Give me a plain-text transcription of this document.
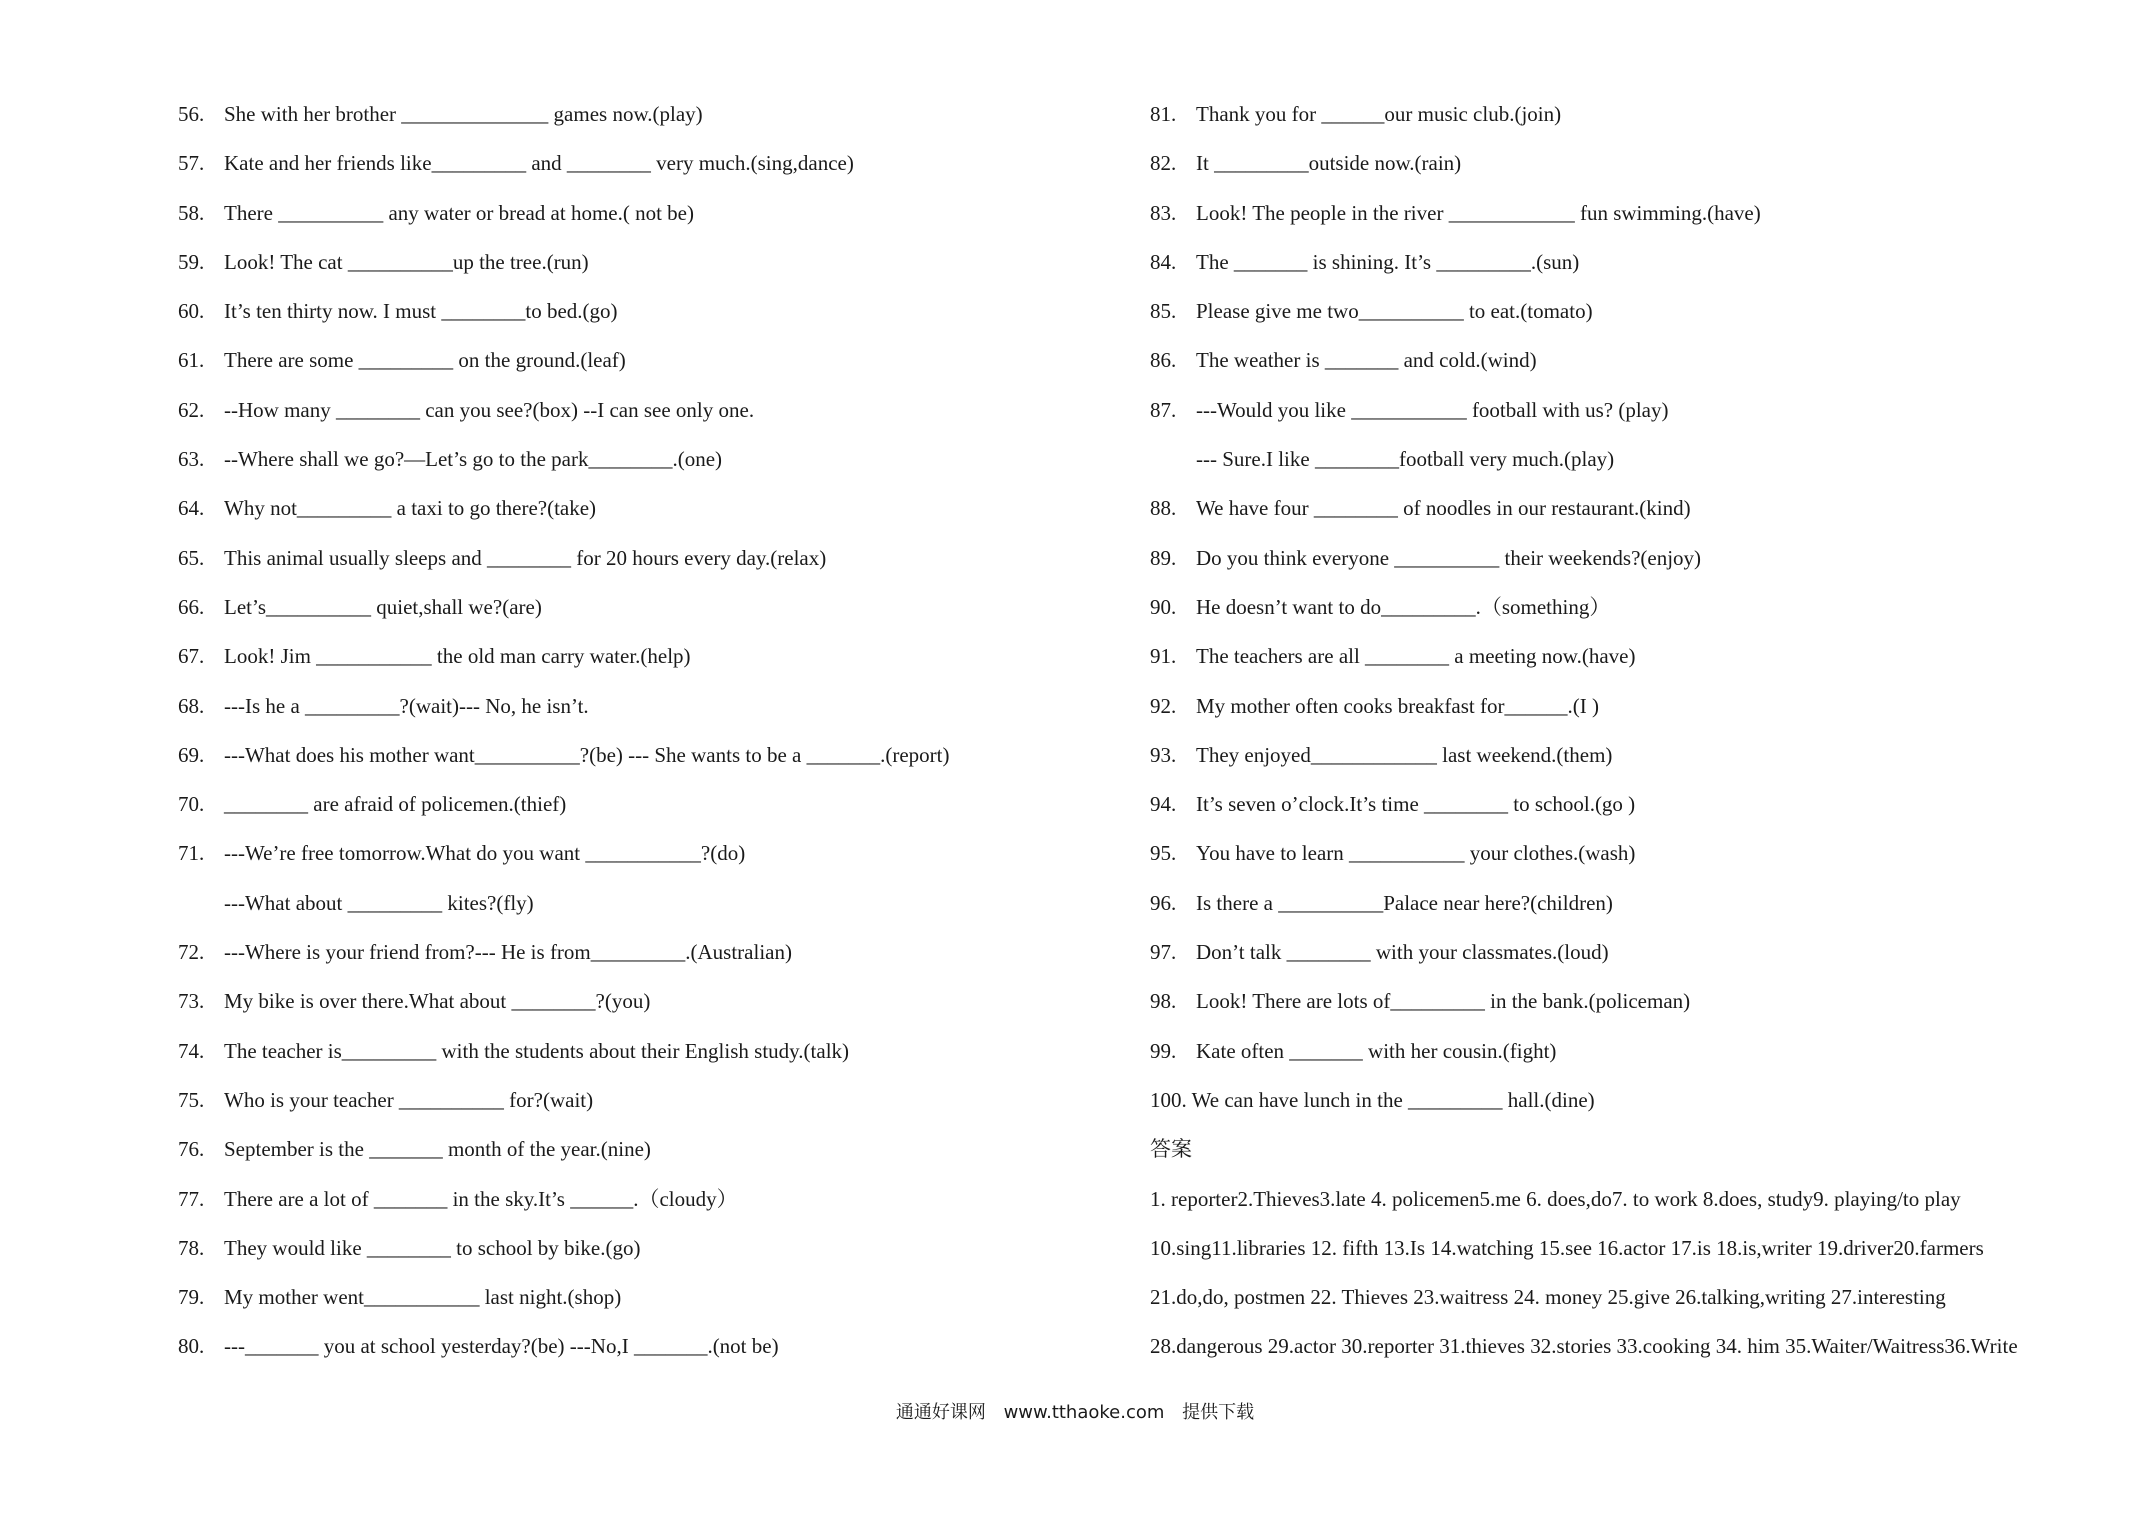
56. She with her brother ______________ games now.(play)
57. Kate and her friends like_________ and ________ very much.(sing,dance)
58. There __________ any water or bread at home.( not be)
59. Look! The cat __________up the tree.(run)
60. It’s ten thirty now. I must ________to bed.(go)
61. There are some _________ on the ground.(leaf)
62. --How many ________ can you see?(box) --I can see only one.
63. --Where shall we go?—Let’s go to the park________.(one)
64. Why not_________ a taxi to go there?(take)
65. This animal usually sleeps and ________ for 20 hours every day.(relax)
66. Let’s__________ quiet,shall we?(are)
67. Look! Jim ___________ the old man carry water.(help)
68. ---Is he a _________?(wait)--- No, he isn’t.
69. ---What does his mother want__________?(be) --- She wants to be a _______.(report)
70. ________ are afraid of policemen.(thief)
71. ---We’re free tomorrow.What do you want ___________?(do)
---What about _________ kites?(fly)
72. ---Where is your friend from?--- He is from_________.(Australian)
73. My bike is over there.What about ________?(you)
74. The teacher is_________ with the students about their English study.(talk)
75. Who is your teacher __________ for?(wait)
76. September is the _______ month of the year.(nine)
77. There are a lot of _______ in the sky.It’s ______.（cloudy）
78. They would like ________ to school by bike.(go)
79. My mother went___________ last night.(shop)
80. ---_______ you at school yesterday?(be) ---No,I _______.(not be)
81. Thank you for ______our music club.(join)
82. It _________outside now.(rain)
83. Look! The people in the river ____________ fun swimming.(have)
84. The _______ is shining. It’s _________.(sun)
85. Please give me two__________ to eat.(tomato)
86. The weather is _______ and cold.(wind)
87. ---Would you like ___________ football with us? (play)
--- Sure.I like ________football very much.(play)
88. We have four ________ of noodles in our restaurant.(kind)
89. Do you think everyone __________ their weekends?(enjoy)
90. He doesn’t want to do_________.（something）
91. The teachers are all ________ a meeting now.(have)
92. My mother often cooks breakfast for______.(I )
93. They enjoyed____________ last weekend.(them)
94. It’s seven o’clock.It’s time ________ to school.(go )
95. You have to learn ___________ your clothes.(wash)
96. Is there a __________Palace near here?(children)
97. Don’t talk ________ with your classmates.(loud)
98. Look! There are lots of_________ in the bank.(policeman)
99. Kate often _______ with her cousin.(fight)
100. We can have lunch in the _________ hall.(dine)
答案
1. reporter2.Thieves3.late 4. policemen5.me 6. does,do7. to work 8.does, study9. playing/to play
10.sing11.libraries 12. fifth 13.Is 14.watching 15.see 16.actor 17.is 18.is,writer 19.driver20.farmers
21.do,do, postmen 22. Thieves 23.waitress 24. money 25.give 26.talking,writing 27.interesting
28.dangerous 29.actor 30.reporter 31.thieves 32.stories 33.cooking 34. him 35.Waiter/Waitress36.Write
通通好课网 www.tthaoke.com 提供下载
